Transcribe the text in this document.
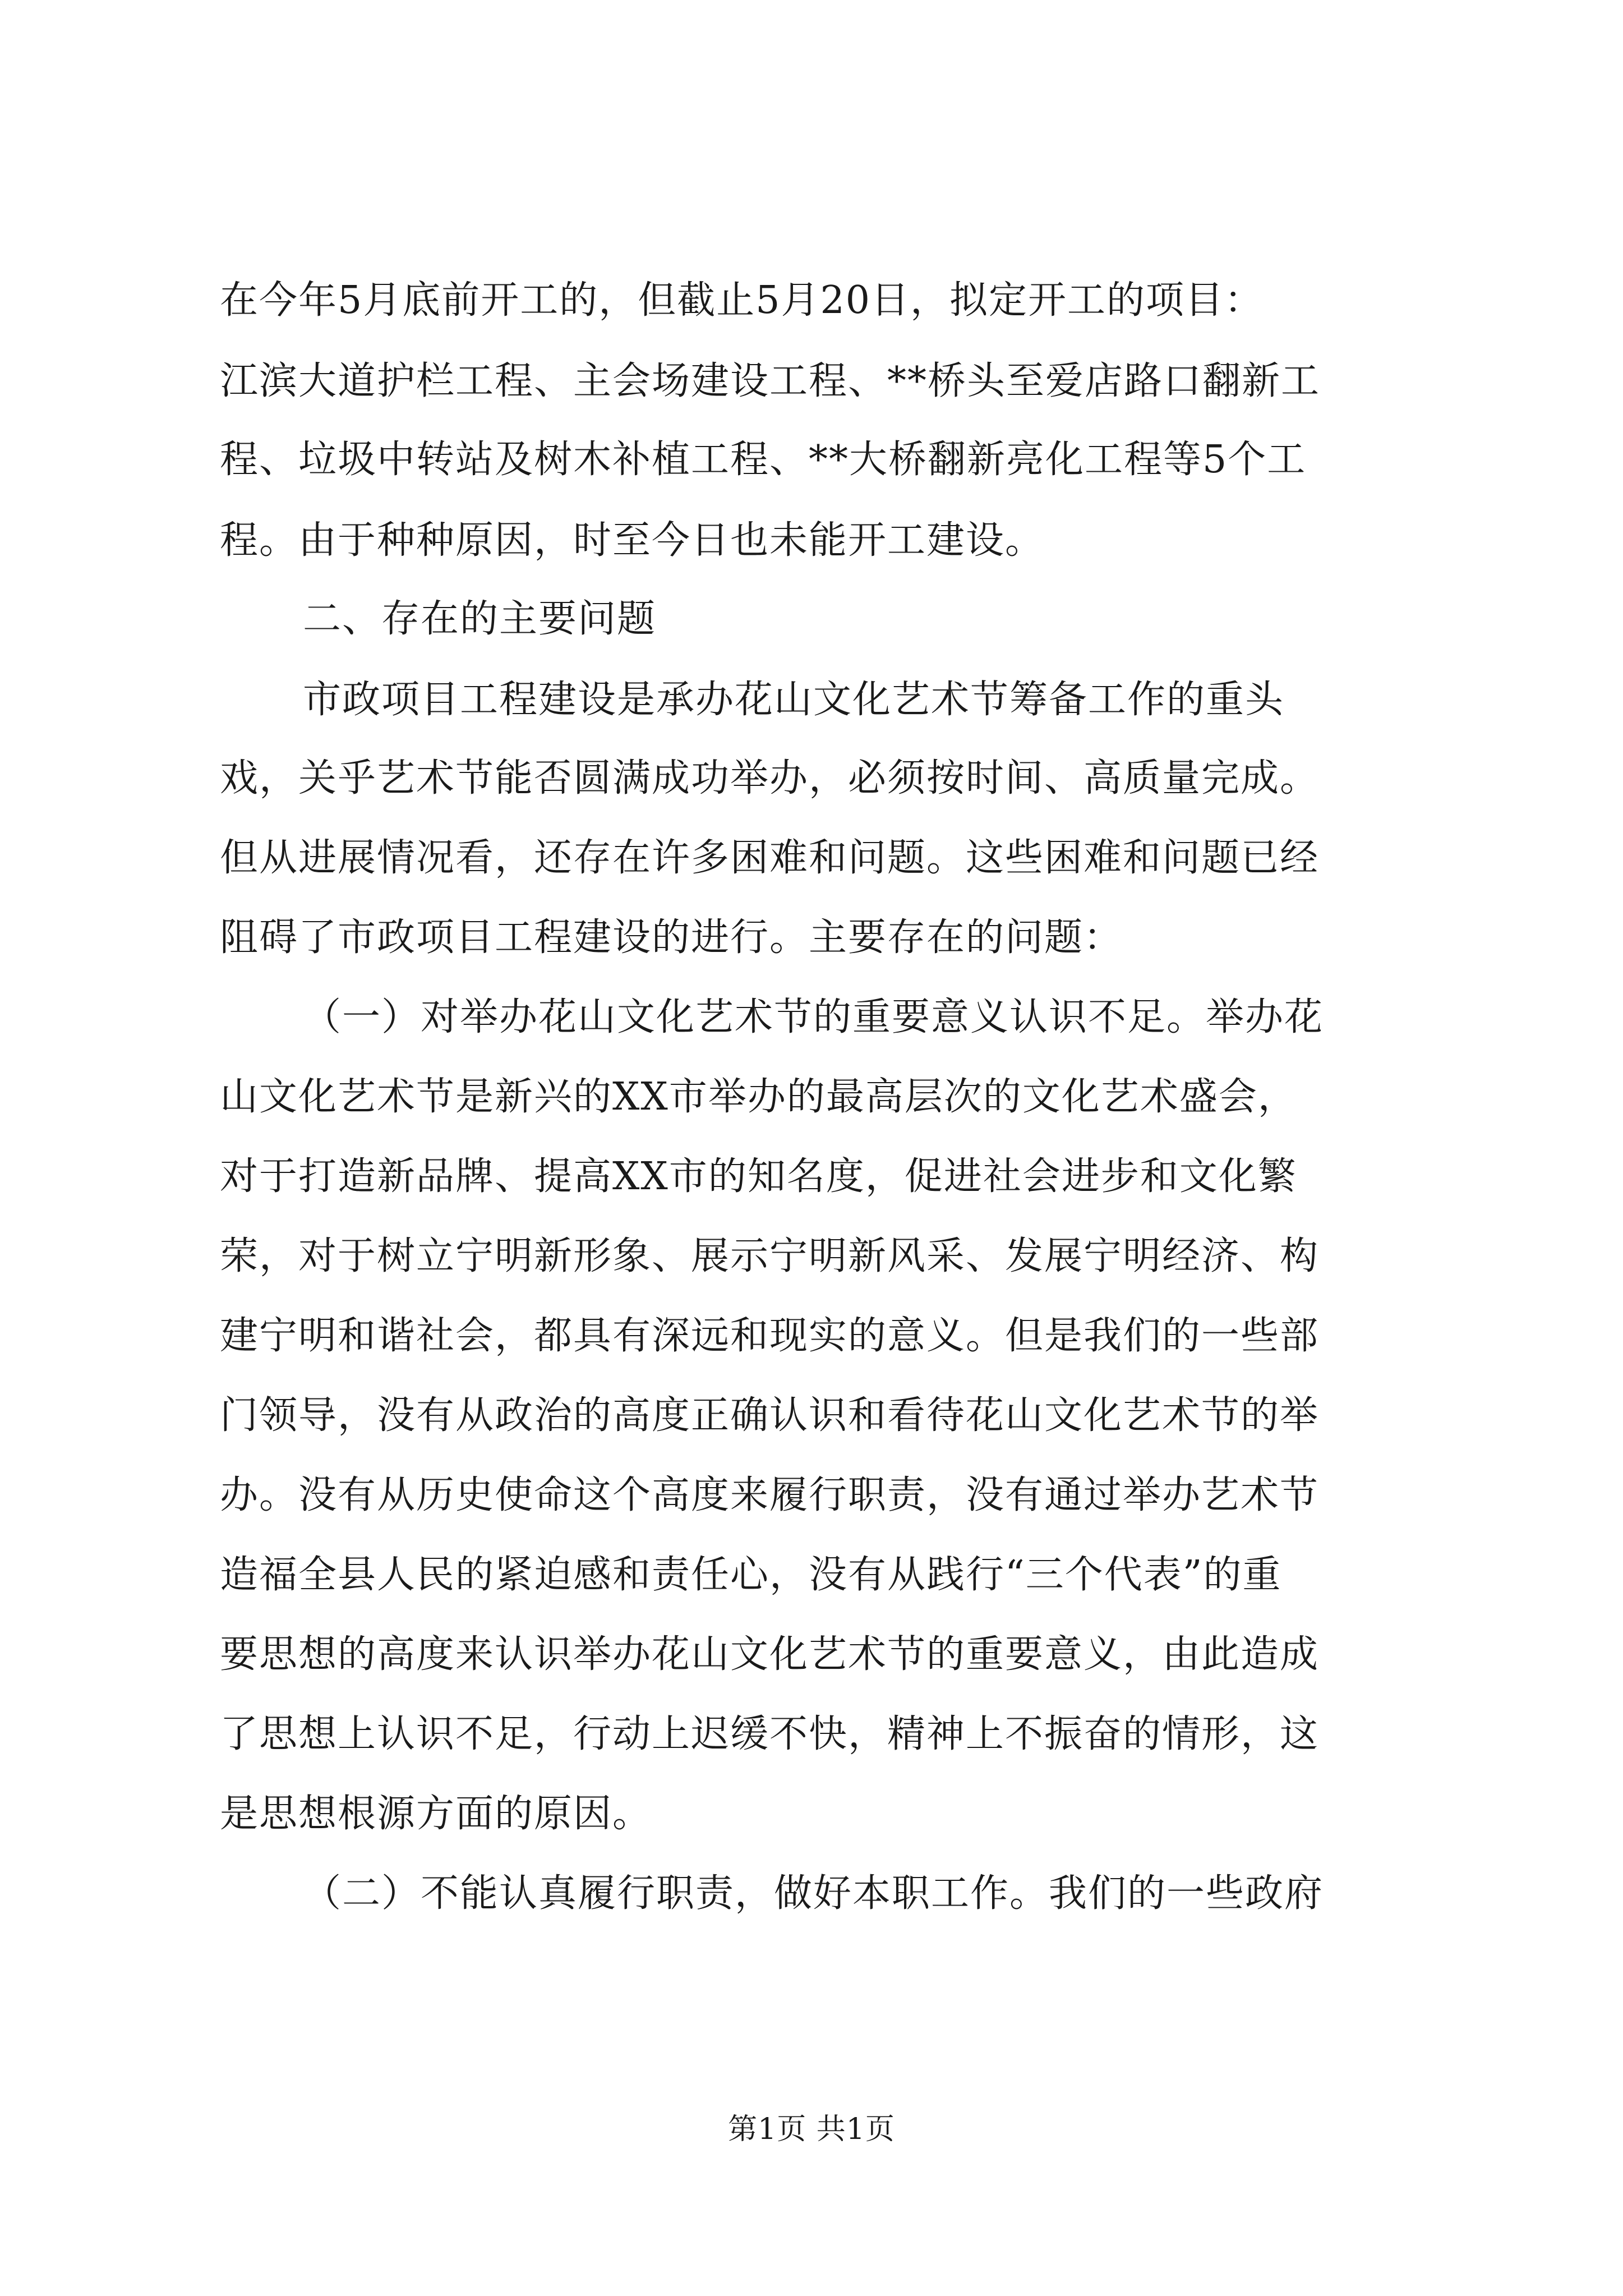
在今年5月底前开工的，但截止5月20日，拟定开工的项目：
江滨大道护栏工程、主会场建设工程、**桥头至爱店路口翻新工
程、垃圾中转站及树木补植工程、**大桥翻新亮化工程等5个工
程。由于种种原因，时至今日也未能开工建设。
二、存在的主要问题
市政项目工程建设是承办花山文化艺术节筹备工作的重头
戏，关乎艺术节能否圆满成功举办，必须按时间、高质量完成。
但从进展情况看，还存在许多困难和问题。这些困难和问题已经
阻碍了市政项目工程建设的进行。主要存在的问题：
（一）对举办花山文化艺术节的重要意义认识不足。举办花
山文化艺术节是新兴的XX市举办的最高层次的文化艺术盛会，
对于打造新品牌、提高XX市的知名度，促进社会进步和文化繁
荣，对于树立宁明新形象、展示宁明新风采、发展宁明经济、构
建宁明和谐社会，都具有深远和现实的意义。但是我们的一些部
门领导，没有从政治的高度正确认识和看待花山文化艺术节的举
办。没有从历史使命这个高度来履行职责，没有通过举办艺术节
造福全县人民的紧迫感和责任心，没有从践行“三个代表”的重
要思想的高度来认识举办花山文化艺术节的重要意义，由此造成
了思想上认识不足，行动上迟缓不快，精神上不振奋的情形，这
是思想根源方面的原因。
（二）不能认真履行职责，做好本职工作。我们的一些政府
第1页 共1页
